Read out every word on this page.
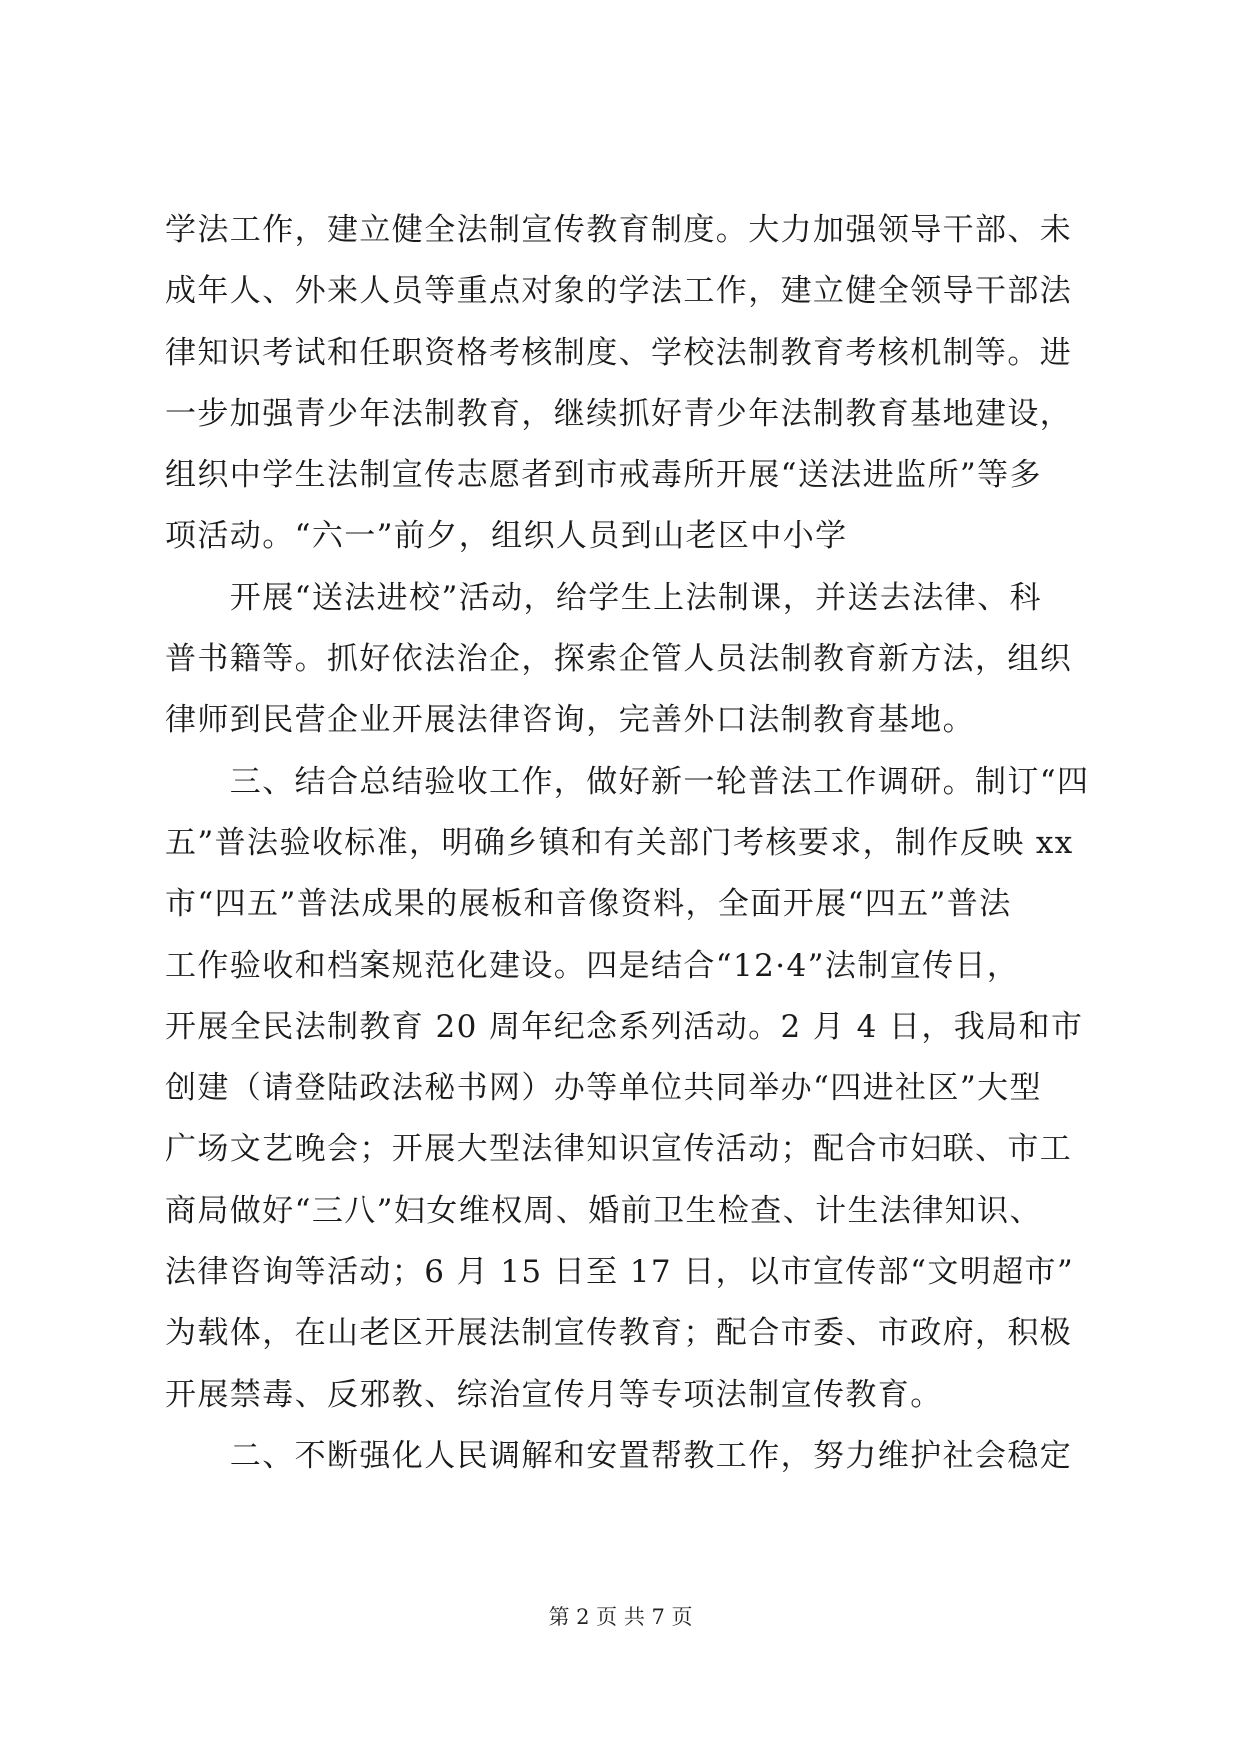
学法工作，建立健全法制宣传教育制度。大力加强领导干部、未
成年人、外来人员等重点对象的学法工作，建立健全领导干部法
律知识考试和任职资格考核制度、学校法制教育考核机制等。进
一步加强青少年法制教育，继续抓好青少年法制教育基地建设，
组织中学生法制宣传志愿者到市戒毒所开展“送法进监所”等多
项活动。“六一”前夕，组织人员到山老区中小学
　　开展“送法进校”活动，给学生上法制课，并送去法律、科
普书籍等。抓好依法治企，探索企管人员法制教育新方法，组织
律师到民营企业开展法律咨询，完善外口法制教育基地。
　　三、结合总结验收工作，做好新一轮普法工作调研。制订“四
五”普法验收标准，明确乡镇和有关部门考核要求，制作反映 xx
市“四五”普法成果的展板和音像资料，全面开展“四五”普法
工作验收和档案规范化建设。四是结合“12·4”法制宣传日，
开展全民法制教育 20 周年纪念系列活动。2 月 4 日，我局和市
创建（请登陆政法秘书网）办等单位共同举办“四进社区”大型
广场文艺晚会；开展大型法律知识宣传活动；配合市妇联、市工
商局做好“三八”妇女维权周、婚前卫生检查、计生法律知识、
法律咨询等活动；6 月 15 日至 17 日，以市宣传部“文明超市”
为载体，在山老区开展法制宣传教育；配合市委、市政府，积极
开展禁毒、反邪教、综治宣传月等专项法制宣传教育。
　　二、不断强化人民调解和安置帮教工作，努力维护社会稳定
第 2 页 共 7 页
